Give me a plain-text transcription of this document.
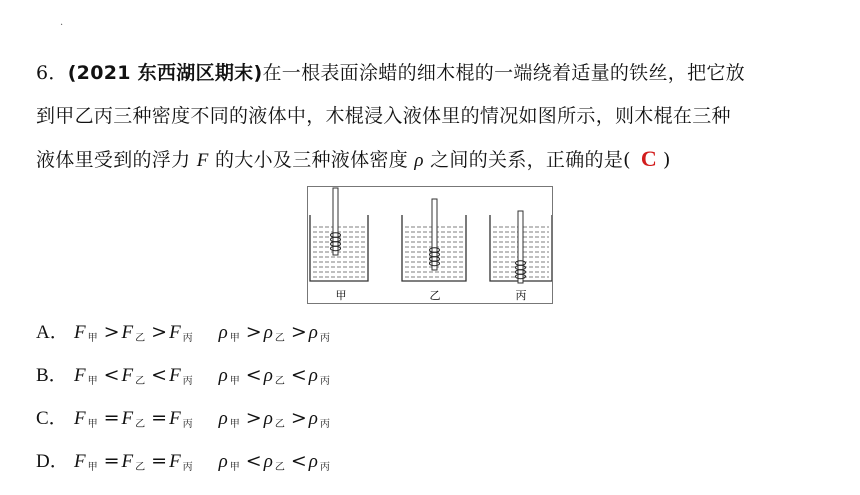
·
6．(2021 东西湖区期末)在一根表面涂蜡的细木棍的一端绕着适量的铁丝，把它放
到甲乙丙三种密度不同的液体中，木棍浸入液体里的情况如图所示，则木棍在三种
液体里受到的浮力 F 的大小及三种液体密度 ρ 之间的关系，正确的是( C )
甲	乙	丙
A． F $_甲$ > F $_乙$ > F $_丙$ ρ $_甲$ > ρ $_乙$ > ρ $_丙$
B． F $_甲$ < F $_乙$ < F $_丙$ ρ $_甲$ < ρ $_乙$ < ρ $_丙$
C． F $_甲$ = F $_乙$ = F $_丙$ ρ $_甲$ > ρ $_乙$ > ρ $_丙$
D． F $_甲$ = F $_乙$ = F $_丙$ ρ $_甲$ < ρ $_乙$ < ρ $_丙$
